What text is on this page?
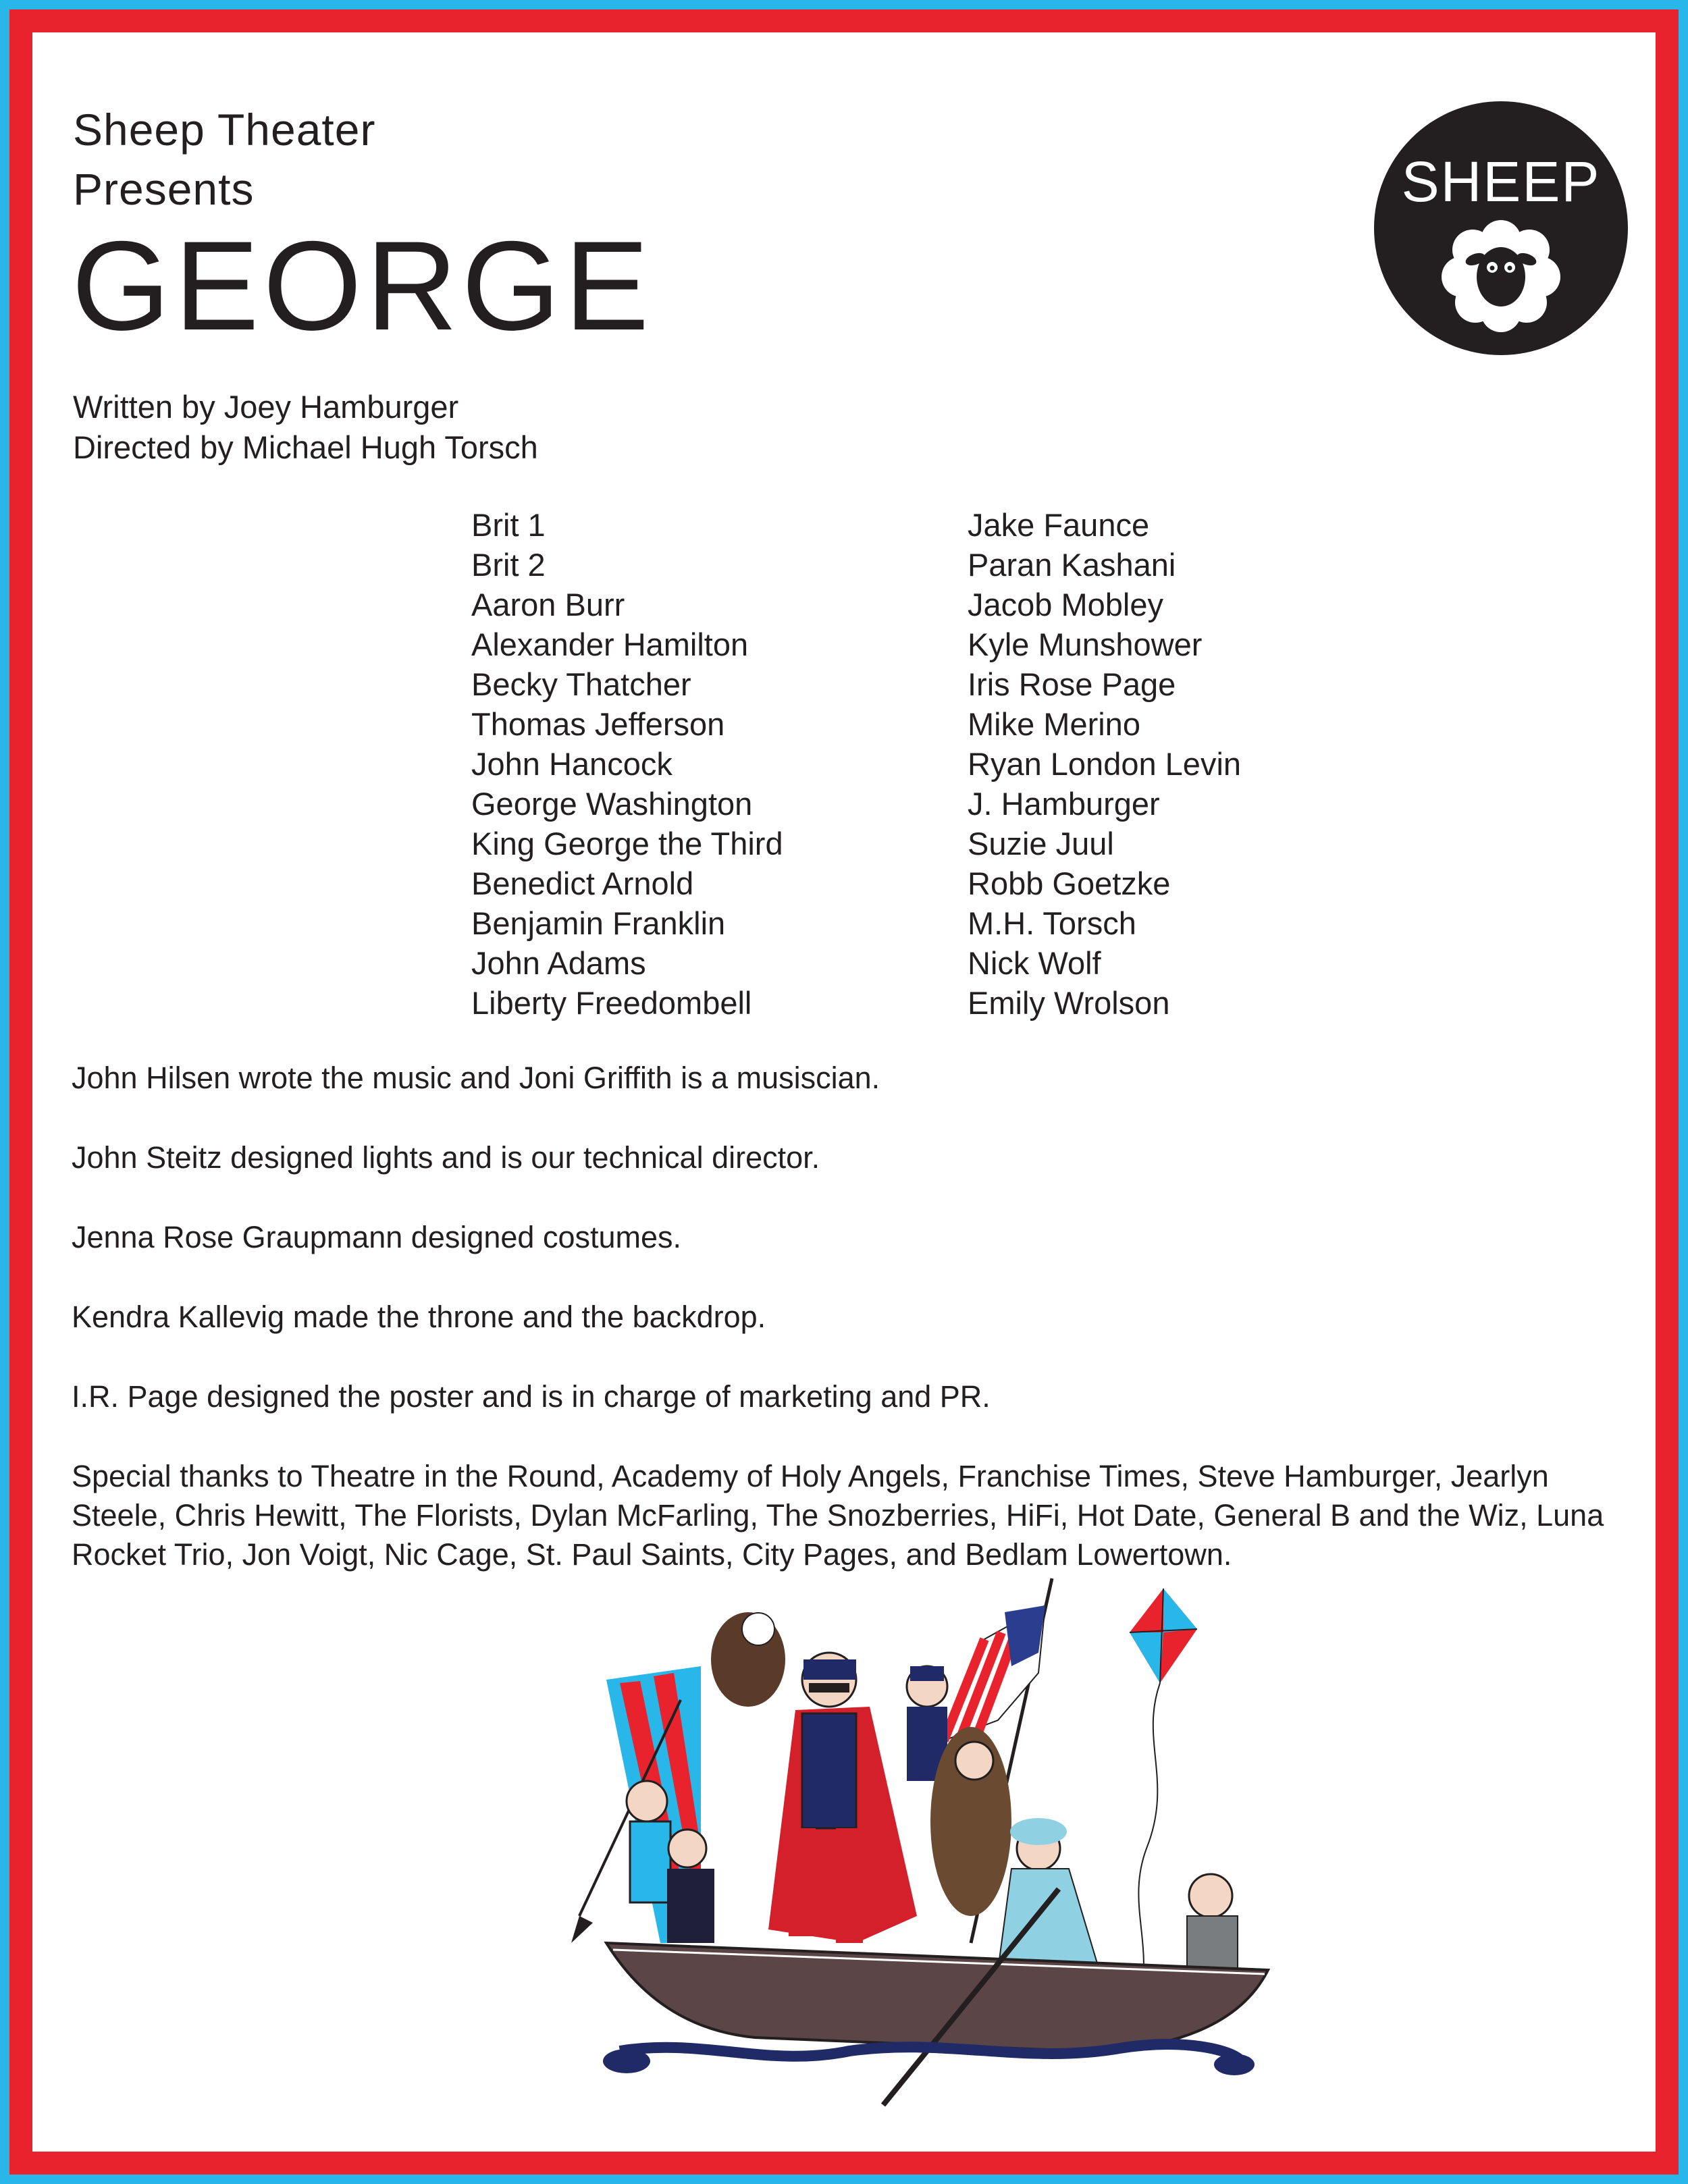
Sheep Theater
Presents
GEORGE
SHEEP
Written by Joey Hamburger
Directed by Michael Hugh Torsch
Brit 1
Brit 2
Aaron Burr
Alexander Hamilton
Becky Thatcher
Thomas Jefferson
John Hancock
George Washington
King George the Third
Benedict Arnold
Benjamin Franklin
John Adams
Liberty Freedombell
Jake Faunce
Paran Kashani
Jacob Mobley
Kyle Munshower
Iris Rose Page
Mike Merino
Ryan London Levin
J. Hamburger
Suzie Juul
Robb Goetzke
M.H. Torsch
Nick Wolf
Emily Wrolson

John Hilsen wrote the music and Joni Griffith is a musiscian.

John Steitz designed lights and is our technical director.

Jenna Rose Graupmann designed costumes.

Kendra Kallevig made the throne and the backdrop.

I.R. Page designed the poster and is in charge of marketing and PR.

Special thanks to Theatre in the Round, Academy of Holy Angels, Franchise Times, Steve Hamburger, Jearlyn Steele, Chris Hewitt, The Florists, Dylan McFarling, The Snozberries, HiFi, Hot Date, General B and the Wiz, Luna Rocket Trio, Jon Voigt, Nic Cage, St. Paul Saints, City Pages, and Bedlam Lowertown.
